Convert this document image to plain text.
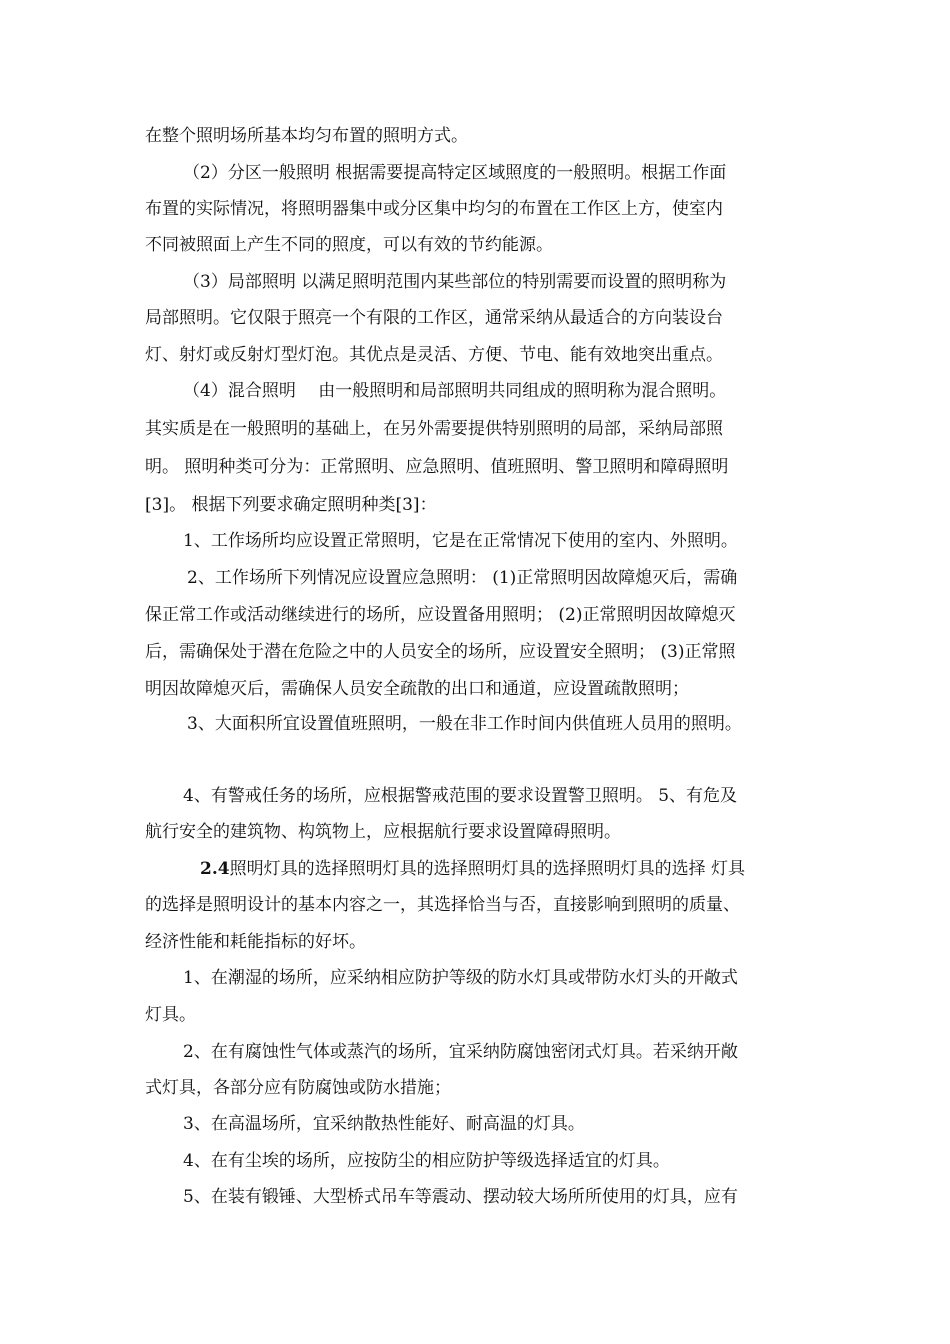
在整个照明场所基本均匀布置的照明方式。
（2）分区一般照明 根据需要提高特定区域照度的一般照明。根据工作面
布置的实际情况，将照明器集中或分区集中均匀的布置在工作区上方，使室内
不同被照面上产生不同的照度，可以有效的节约能源。
（3）局部照明 以满足照明范围内某些部位的特别需要而设置的照明称为
局部照明。它仅限于照亮一个有限的工作区，通常采纳从最适合的方向装设台
灯、射灯或反射灯型灯泡。其优点是灵活、方便、节电、能有效地突出重点。
（4）混合照明　 由一般照明和局部照明共同组成的照明称为混合照明。
其实质是在一般照明的基础上，在另外需要提供特别照明的局部，采纳局部照
明。 照明种类可分为：正常照明、应急照明、值班照明、警卫照明和障碍照明
[3]。 根据下列要求确定照明种类[3]：
1、工作场所均应设置正常照明，它是在正常情况下使用的室内、外照明。
2、工作场所下列情况应设置应急照明： (1)正常照明因故障熄灭后，需确
保正常工作或活动继续进行的场所，应设置备用照明； (2)正常照明因故障熄灭
后，需确保处于潜在危险之中的人员安全的场所，应设置安全照明； (3)正常照
明因故障熄灭后，需确保人员安全疏散的出口和通道，应设置疏散照明；
3、大面积所宜设置值班照明，一般在非工作时间内供值班人员用的照明。
4、有警戒任务的场所，应根据警戒范围的要求设置警卫照明。 5、有危及
航行安全的建筑物、构筑物上，应根据航行要求设置障碍照明。
2.4照明灯具的选择照明灯具的选择照明灯具的选择照明灯具的选择 灯具
的选择是照明设计的基本内容之一，其选择恰当与否，直接影响到照明的质量、
经济性能和耗能指标的好坏。
1、在潮湿的场所，应采纳相应防护等级的防水灯具或带防水灯头的开敞式
灯具。
2、在有腐蚀性气体或蒸汽的场所，宜采纳防腐蚀密闭式灯具。若采纳开敞
式灯具，各部分应有防腐蚀或防水措施；
3、在高温场所，宜采纳散热性能好、耐高温的灯具。
4、在有尘埃的场所，应按防尘的相应防护等级选择适宜的灯具。
5、在装有锻锤、大型桥式吊车等震动、摆动较大场所所使用的灯具，应有
